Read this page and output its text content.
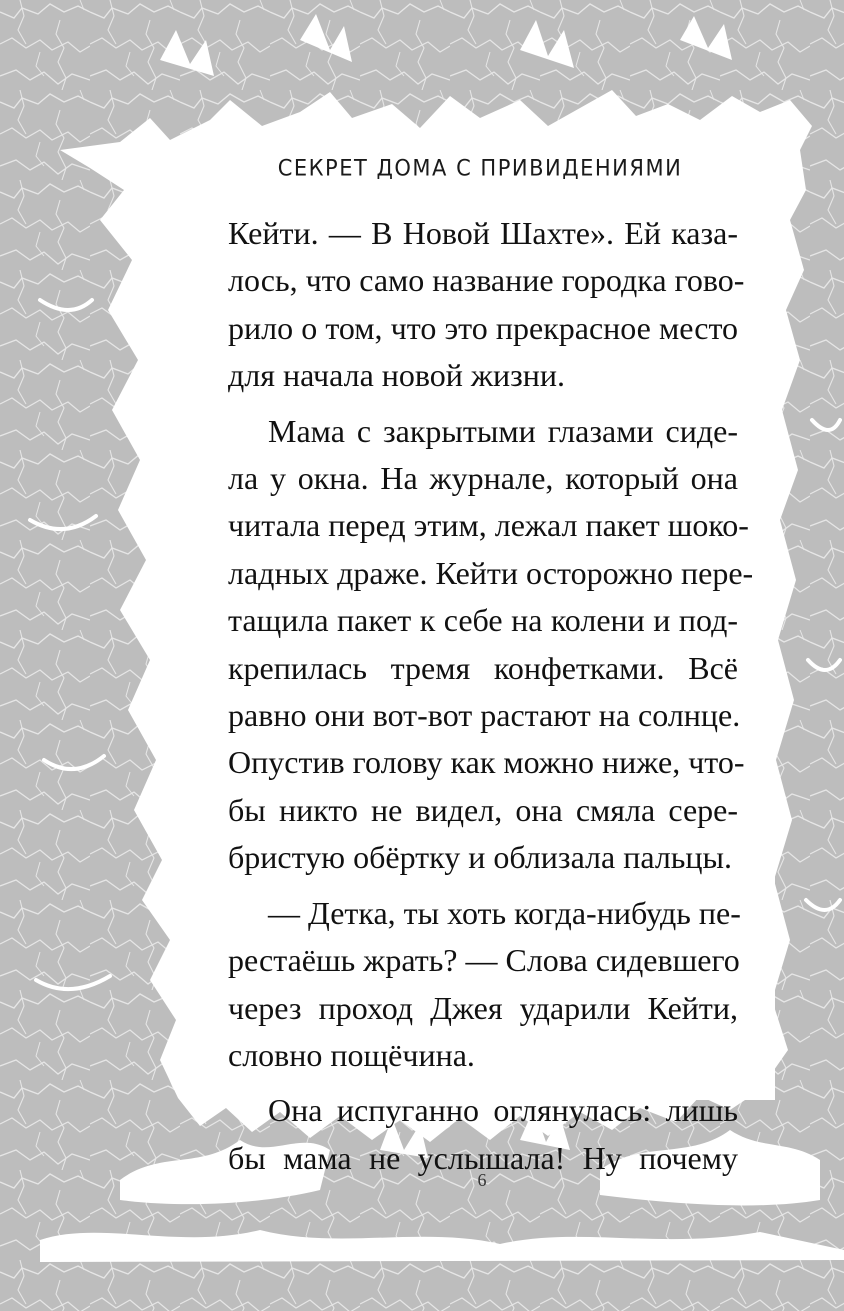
СЕКРЕТ ДОМА С ПРИВИДЕНИЯМИ

Кейти. — В Новой Шахте». Ей каза-
лось, что само название городка гово-
рило о том, что это прекрасное место
для начала новой жизни.

Мама с закрытыми глазами сиде-
ла у окна. На журнале, который она
читала перед этим, лежал пакет шоко-
ладных драже. Кейти осторожно пере-
тащила пакет к себе на колени и под-
крепилась тремя конфетками. Всё
равно они вот-вот растают на солнце.
Опустив голову как можно ниже, что-
бы никто не видел, она смяла сере-
бристую обёртку и облизала пальцы.

— Детка, ты хоть когда-нибудь пе-
рестаёшь жрать? — Слова сидевшего
через проход Джея ударили Кейти,
словно пощёчина.

Она испуганно оглянулась: лишь
бы мама не услышала! Ну почему

6
